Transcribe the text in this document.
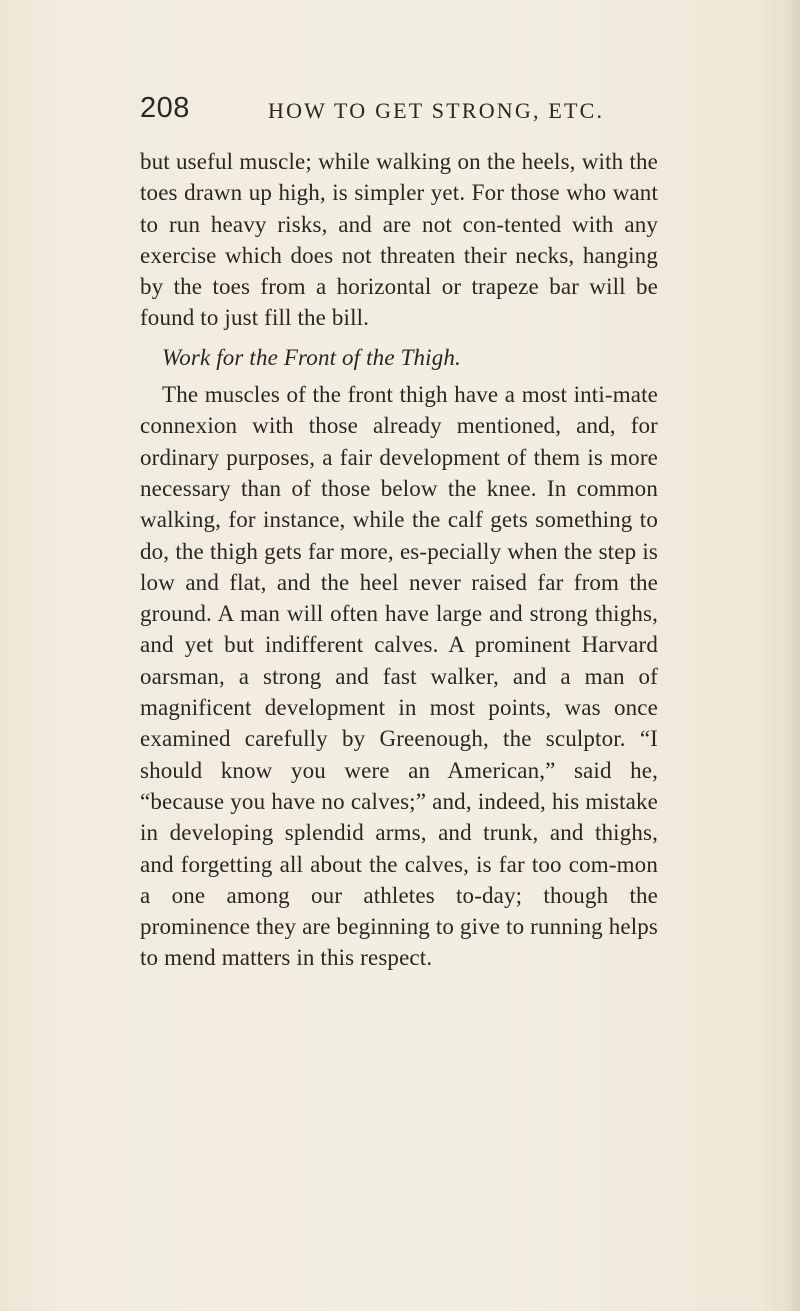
208	HOW TO GET STRONG, ETC.

but useful muscle; while walking on the heels, with the toes drawn up high, is simpler yet. For those who want to run heavy risks, and are not con-tented with any exercise which does not threaten their necks, hanging by the toes from a horizontal or trapeze bar will be found to just fill the bill.

Work for the Front of the Thigh.

The muscles of the front thigh have a most inti-mate connexion with those already mentioned, and, for ordinary purposes, a fair development of them is more necessary than of those below the knee. In common walking, for instance, while the calf gets something to do, the thigh gets far more, es-pecially when the step is low and flat, and the heel never raised far from the ground. A man will often have large and strong thighs, and yet but indifferent calves. A prominent Harvard oarsman, a strong and fast walker, and a man of magnificent development in most points, was once examined carefully by Greenough, the sculptor. “I should know you were an American,” said he, “because you have no calves;” and, indeed, his mistake in developing splendid arms, and trunk, and thighs, and forgetting all about the calves, is far too com-mon a one among our athletes to-day; though the prominence they are beginning to give to running helps to mend matters in this respect.
